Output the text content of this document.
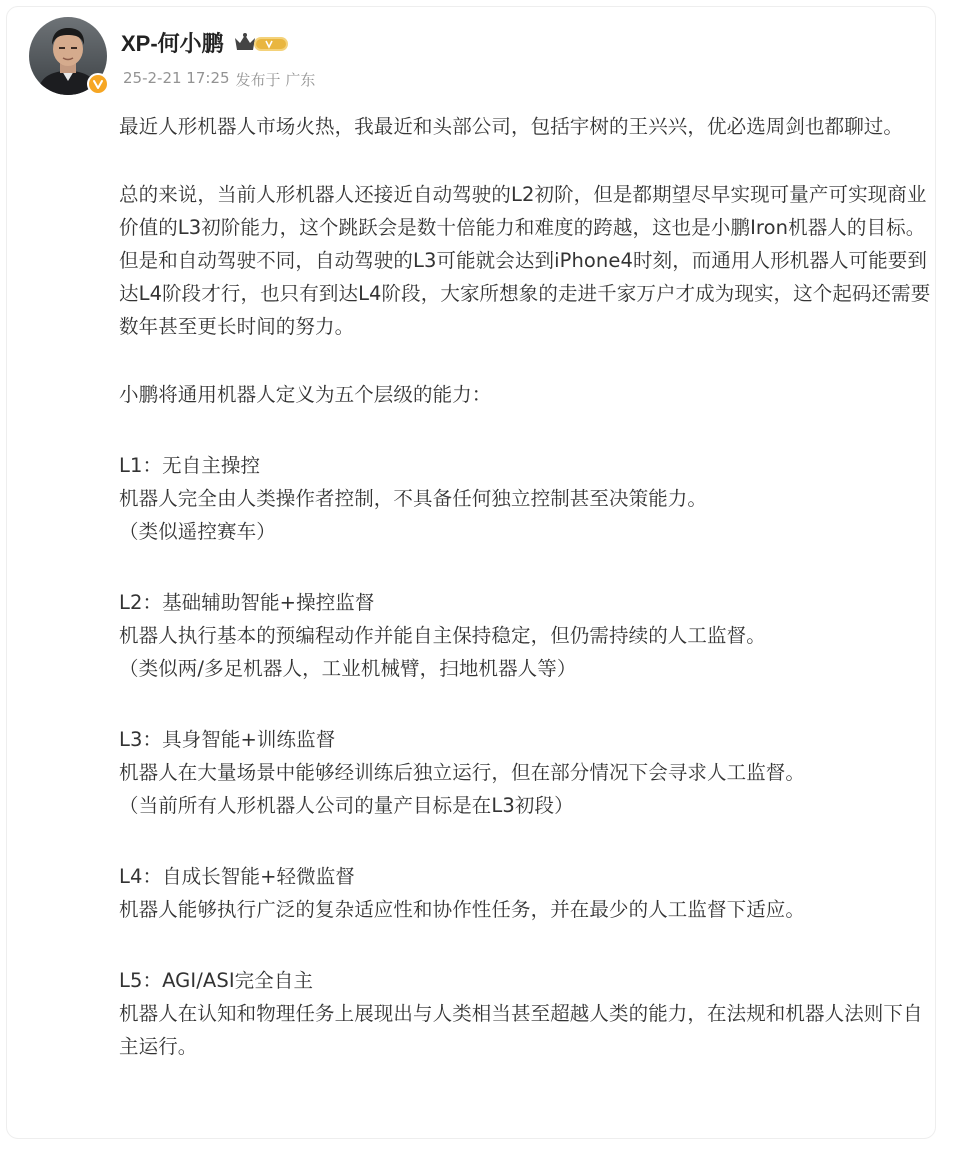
XP-何小鹏
25-2-21 17:25 发布于 广东

最近人形机器人市场火热，我最近和头部公司，包括宇树的王兴兴，优必选周剑也都聊过。

总的来说，当前人形机器人还接近自动驾驶的L2初阶，但是都期望尽早实现可量产可实现商业价值的L3初阶能力，这个跳跃会是数十倍能力和难度的跨越，这也是小鹏Iron机器人的目标。但是和自动驾驶不同，自动驾驶的L3可能就会达到iPhone4时刻，而通用人形机器人可能要到达L4阶段才行，也只有到达L4阶段，大家所想象的走进千家万户才成为现实，这个起码还需要数年甚至更长时间的努力。

小鹏将通用机器人定义为五个层级的能力：

L1：无自主操控

机器人完全由人类操作者控制，不具备任何独立控制甚至决策能力。

（类似遥控赛车）

L2：基础辅助智能+操控监督

机器人执行基本的预编程动作并能自主保持稳定，但仍需持续的人工监督。

（类似两/多足机器人，工业机械臂，扫地机器人等）

L3：具身智能+训练监督

机器人在大量场景中能够经训练后独立运行，但在部分情况下会寻求人工监督。

（当前所有人形机器人公司的量产目标是在L3初段）

L4：自成长智能+轻微监督

机器人能够执行广泛的复杂适应性和协作性任务，并在最少的人工监督下适应。

L5：AGI/ASI完全自主

机器人在认知和物理任务上展现出与人类相当甚至超越人类的能力，在法规和机器人法则下自主运行。
